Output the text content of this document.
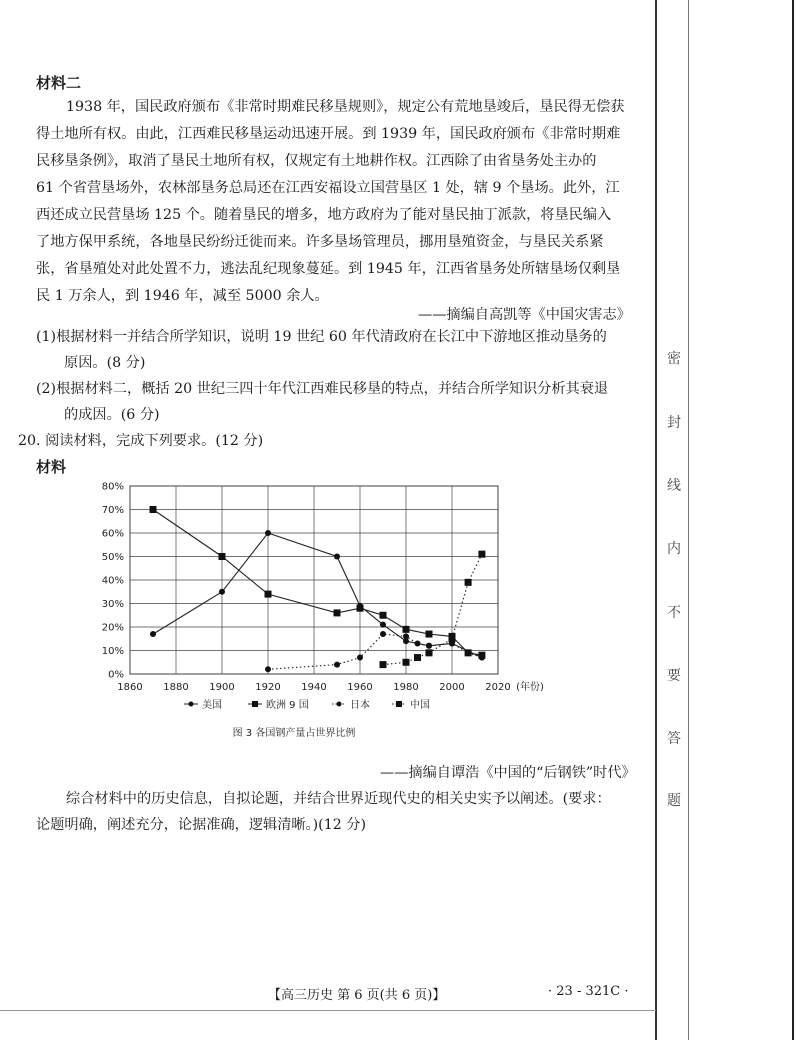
密
封
线
内
不
要
答
题
材料二
1938 年，国民政府颁布《非常时期难民移垦规则》，规定公有荒地垦竣后，垦民得无偿获
得土地所有权。由此，江西难民移垦运动迅速开展。到 1939 年，国民政府颁布《非常时期难
民移垦条例》，取消了垦民土地所有权，仅规定有土地耕作权。江西除了由省垦务处主办的
61 个省营垦场外，农林部垦务总局还在江西安福设立国营垦区 1 处，辖 9 个垦场。此外，江
西还成立民营垦场 125 个。随着垦民的增多，地方政府为了能对垦民抽丁派款，将垦民编入
了地方保甲系统，各地垦民纷纷迁徙而来。许多垦场管理员，挪用垦殖资金，与垦民关系紧
张，省垦殖处对此处置不力，逃法乱纪现象蔓延。到 1945 年，江西省垦务处所辖垦场仅剩垦
民 1 万余人，到 1946 年，减至 5000 余人。
——摘编自高凯等《中国灾害志》
(1)根据材料一并结合所学知识，说明 19 世纪 60 年代清政府在长江中下游地区推动垦务的
原因。(8 分)
(2)根据材料二，概括 20 世纪三四十年代江西难民移垦的特点，并结合所学知识分析其衰退
的成因。(6 分)
20. 阅读材料，完成下列要求。(12 分)
材料
0%
10%
20%
30%
40%
50%
60%
70%
80%
1860 1880 1900 1920 1940 1960 1980 2000 2020 (年份)
美国	欧洲 9 国	日本	中国
图 3 各国钢产量占世界比例
——摘编自谭浩《中国的“后钢铁”时代》
综合材料中的历史信息，自拟论题，并结合世界近现代史的相关史实予以阐述。(要求：
论题明确，阐述充分，论据准确，逻辑清晰。)(12 分)
【高三历史 第 6 页(共 6 页)】	· 23 - 321C ·
